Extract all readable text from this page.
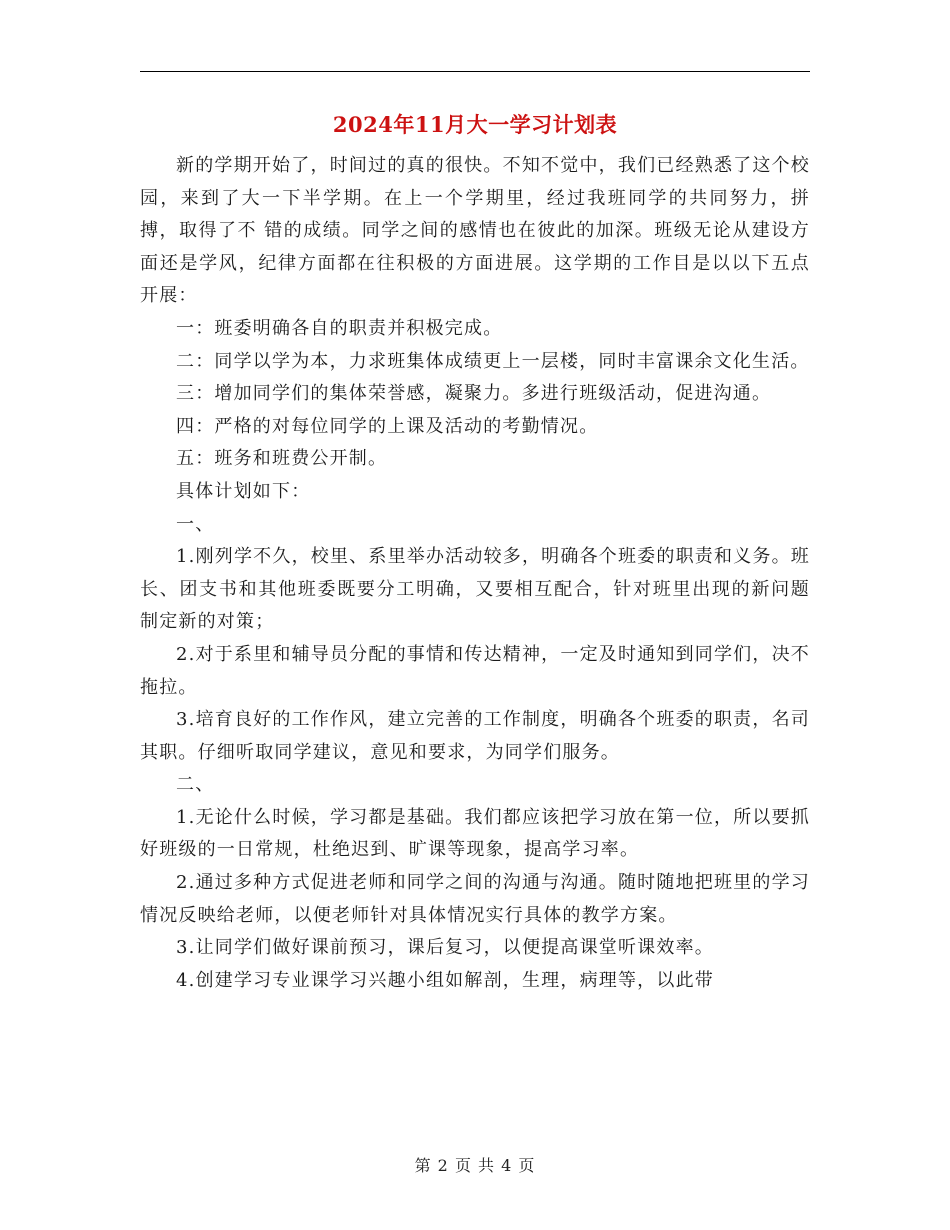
2024年11月大一学习计划表

新的学期开始了，时间过的真的很快。不知不觉中，我们已经熟悉了这个校园，来到了大一下半学期。在上一个学期里，经过我班同学的共同努力，拼搏，取得了不 错的成绩。同学之间的感情也在彼此的加深。班级无论从建设方面还是学风，纪律方面都在往积极的方面进展。这学期的工作目是以以下五点开展：

一：班委明确各自的职责并积极完成。

二：同学以学为本，力求班集体成绩更上一层楼，同时丰富课余文化生活。

三：增加同学们的集体荣誉感，凝聚力。多进行班级活动，促进沟通。

四：严格的对每位同学的上课及活动的考勤情况。

五：班务和班费公开制。

具体计划如下：

一、

1.刚列学不久，校里、系里举办活动较多，明确各个班委的职责和义务。班长、团支书和其他班委既要分工明确，又要相互配合，针对班里出现的新问题制定新的对策；

2.对于系里和辅导员分配的事情和传达精神，一定及时通知到同学们，决不拖拉。

3.培育良好的工作作风，建立完善的工作制度，明确各个班委的职责，名司其职。仔细听取同学建议，意见和要求，为同学们服务。

二、

1.无论什么时候，学习都是基础。我们都应该把学习放在第一位，所以要抓好班级的一日常规，杜绝迟到、旷课等现象，提高学习率。

2.通过多种方式促进老师和同学之间的沟通与沟通。随时随地把班里的学习情况反映给老师，以便老师针对具体情况实行具体的教学方案。

3.让同学们做好课前预习，课后复习，以便提高课堂听课效率。

4.创建学习专业课学习兴趣小组如解剖，生理，病理等，以此带

第 2 页 共 4 页
